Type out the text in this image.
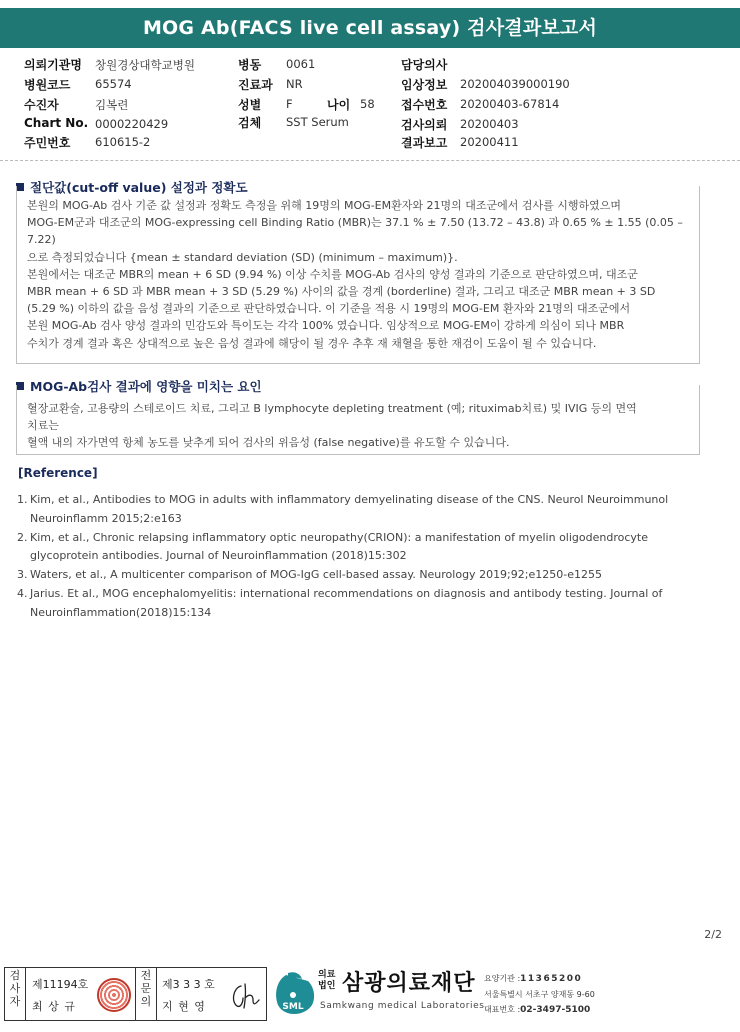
MOG Ab(FACS live cell assay) 검사결과보고서
의뢰기관명 창원경상대학교병원
병원코드 65574
수진자	김복련
Chart No. 0000220429
주민번호 610615-2
병동 0061
진료과 NR
성별 F	나이 58
검체 SST Serum
담당의사
임상정보 202004039000190
접수번호 20200403-67814
검사의뢰 20200403
결과보고 20200411
절단값(cut-off value) 설정과 정확도

본원의 MOG-Ab 검사 기준 값 설정과 정확도 측정을 위해 19명의 MOG-EM환자와 21명의 대조군에서 검사를 시행하였으며

MOG-EM군과 대조군의 MOG-expressing cell Binding Ratio (MBR)는 37.1 % ± 7.50 (13.72 – 43.8) 과 0.65 % ± 1.55 (0.05 –

7.22)

으로 측정되었습니다 {mean ± standard deviation (SD) (minimum – maximum)}.

본원에서는 대조군 MBR의 mean + 6 SD (9.94 %) 이상 수치를 MOG-Ab 검사의 양성 결과의 기준으로 판단하였으며, 대조군

MBR mean + 6 SD 과 MBR mean + 3 SD (5.29 %) 사이의 값을 경계 (borderline) 결과, 그리고 대조군 MBR mean + 3 SD

(5.29 %) 이하의 값을 음성 결과의 기준으로 판단하였습니다. 이 기준을 적용 시 19명의 MOG-EM 환자와 21명의 대조군에서

본원 MOG-Ab 검사 양성 결과의 민감도와 특이도는 각각 100% 였습니다. 임상적으로 MOG-EM이 강하게 의심이 되나 MBR

수치가 경계 결과 혹은 상대적으로 높은 음성 결과에 해당이 될 경우 추후 재 채혈을 통한 재검이 도움이 될 수 있습니다.

MOG-Ab검사 결과에 영향을 미치는 요인

혈장교환술, 고용량의 스테로이드 치료, 그리고 B lymphocyte depleting treatment (예; rituximab치료) 및 IVIG 등의 면역

치료는

혈액 내의 자가면역 항체 농도를 낮추게 되어 검사의 위음성 (false negative)를 유도할 수 있습니다.

[Reference]
1. Kim, et al., Antibodies to MOG in adults with inflammatory demyelinating disease of the CNS. Neurol Neuroimmunol
Neuroinflamm 2015;2:e163
2. Kim, et al., Chronic relapsing inflammatory optic neuropathy(CRION): a manifestation of myelin oligodendrocyte
glycoprotein antibodies. Journal of Neuroinflammation (2018)15:302
3. Waters, et al., A multicenter comparison of MOG-IgG cell-based assay. Neurology 2019;92;e1250-e1255
4. Jarius. Et al., MOG encephalomyelitis: international recommendations on diagnosis and antibody testing. Journal of
Neuroinflammation(2018)15:134
2/2
검사자
제11194호
최 상 규
전문의
제3 3 3 호
지 현 영	SML
의료
법인 삼광의료재단
Samkwang medical Laboratories
요양기관 :11365200
서울특별시 서초구 양재동 9-60
대표번호 :02-3497-5100
